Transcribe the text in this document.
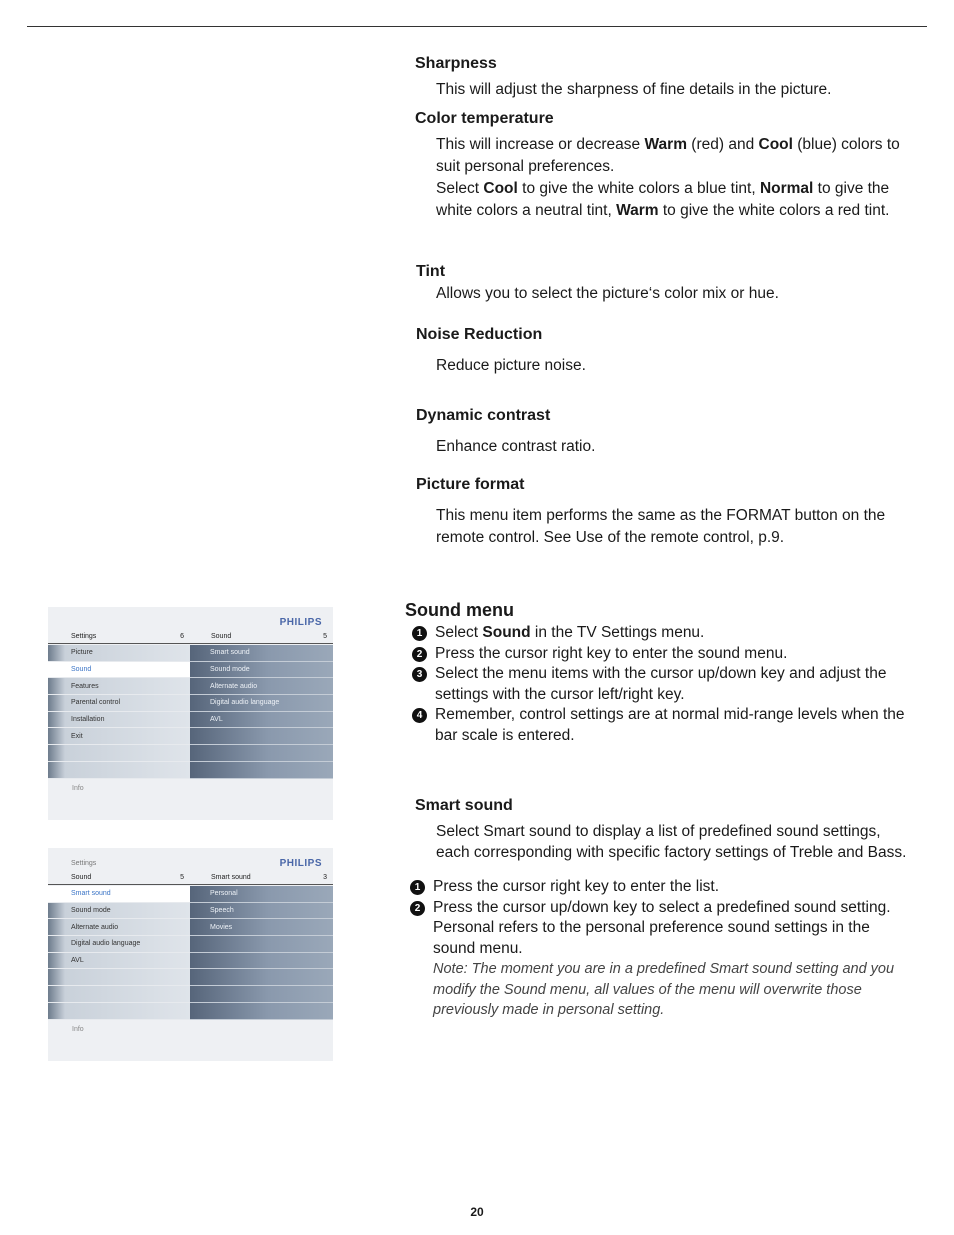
Sharpness
This will adjust the sharpness of fine details in the picture.
Color temperature
This will increase or decrease Warm (red) and Cool (blue) colors to suit personal preferences.
Select Cool to give the white colors a blue tint, Normal to give the white colors a neutral tint, Warm to give the white colors a red tint.
Tint
Allows you to select the picture‘s color mix or hue.
Noise Reduction
Reduce picture noise.
Dynamic contrast
Enhance contrast ratio.
Picture format
This menu item performs the same as the FORMAT button on the remote control. See Use of the remote control, p.9.
Sound menu
1 Select Sound in the TV Settings menu.
2 Press the cursor right key to enter the sound menu.
3 Select the menu items with the cursor up/down key and adjust the settings with the cursor left/right key.
4 Remember, control settings are at normal mid-range levels when the bar scale is entered.
Smart sound
Select Smart sound to display a list of predefined sound settings,
each corresponding with specific factory settings of Treble and Bass.
1 Press the cursor right key to enter the list.
2 Press the cursor up/down key to select a predefined sound setting. Personal refers to the personal preference sound settings in the sound menu.
Note: The moment you are in a predefined Smart sound setting and you modify the Sound menu, all values of the menu will overwrite those previously made in personal setting.
PHILIPS
Settings	6	Sound	5
Picture
Sound
Features
Parental control
Installation
Exit
Smart sound
Sound mode
Alternate audio
Digital audio language
AVL
Info
PHILIPS
Settings
Sound	5	Smart sound	3
Smart sound
Sound mode
Alternate audio
Digital audio language
AVL
Personal
Speech
Movies
Info
20
